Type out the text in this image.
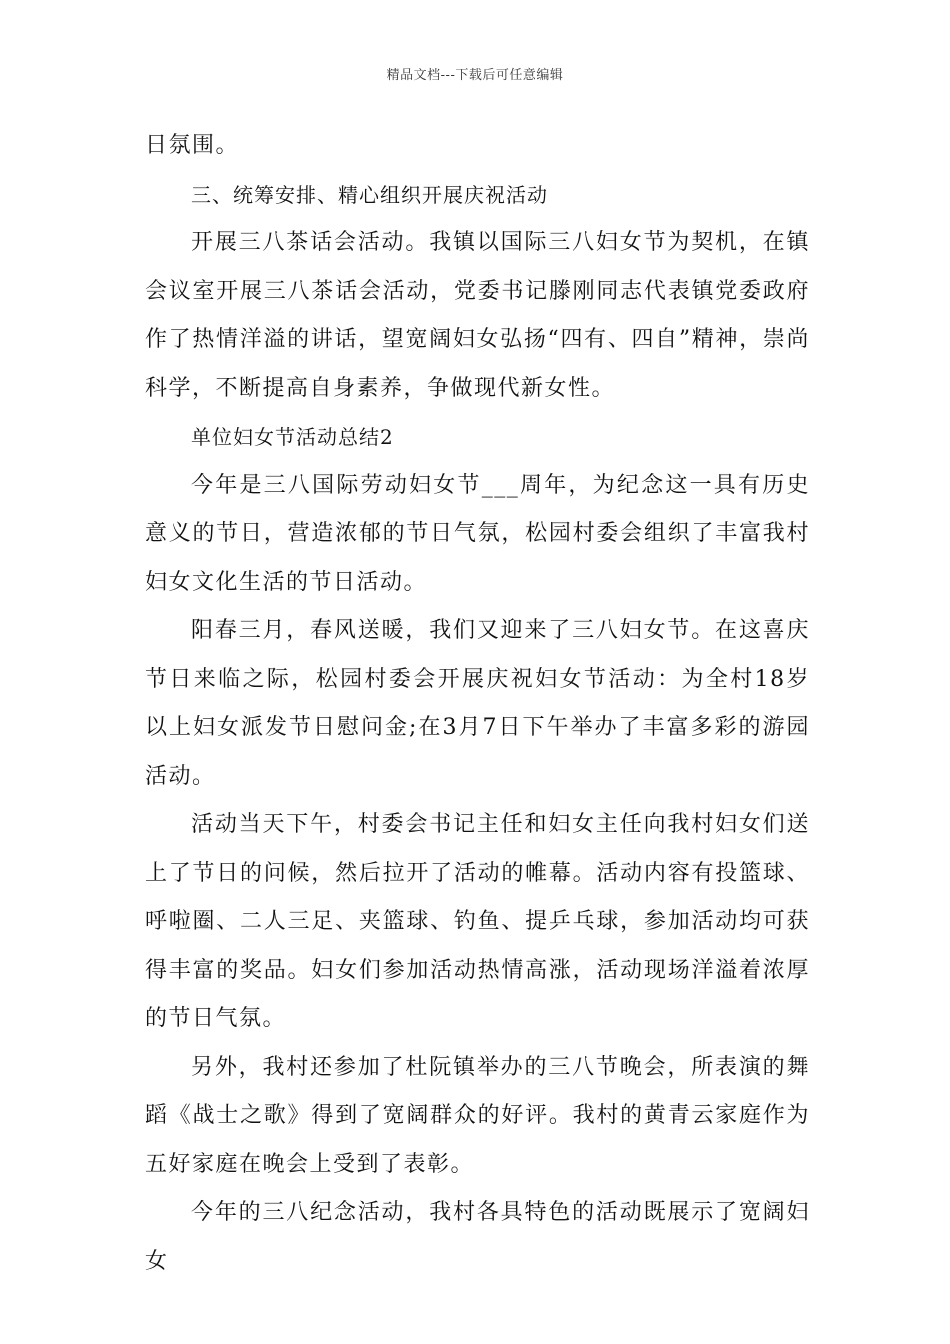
精品文档---下载后可任意编辑

日氛围。

三、统筹安排、精心组织开展庆祝活动

开展三八茶话会活动。我镇以国际三八妇女节为契机，在镇会议室开展三八茶话会活动，党委书记滕刚同志代表镇党委政府作了热情洋溢的讲话，望宽阔妇女弘扬“四有、四自”精神，崇尚科学，不断提高自身素养，争做现代新女性。

单位妇女节活动总结2

今年是三八国际劳动妇女节___周年，为纪念这一具有历史意义的节日，营造浓郁的节日气氛，松园村委会组织了丰富我村妇女文化生活的节日活动。

阳春三月，春风送暖，我们又迎来了三八妇女节。在这喜庆节日来临之际，松园村委会开展庆祝妇女节活动：为全村18岁以上妇女派发节日慰问金;在3月7日下午举办了丰富多彩的游园活动。

活动当天下午，村委会书记主任和妇女主任向我村妇女们送上了节日的问候，然后拉开了活动的帷幕。活动内容有投篮球、呼啦圈、二人三足、夹篮球、钓鱼、提乒乓球，参加活动均可获得丰富的奖品。妇女们参加活动热情高涨，活动现场洋溢着浓厚的节日气氛。

另外，我村还参加了杜阮镇举办的三八节晚会，所表演的舞蹈《战士之歌》得到了宽阔群众的好评。我村的黄青云家庭作为五好家庭在晚会上受到了表彰。

今年的三八纪念活动，我村各具特色的活动既展示了宽阔妇女
